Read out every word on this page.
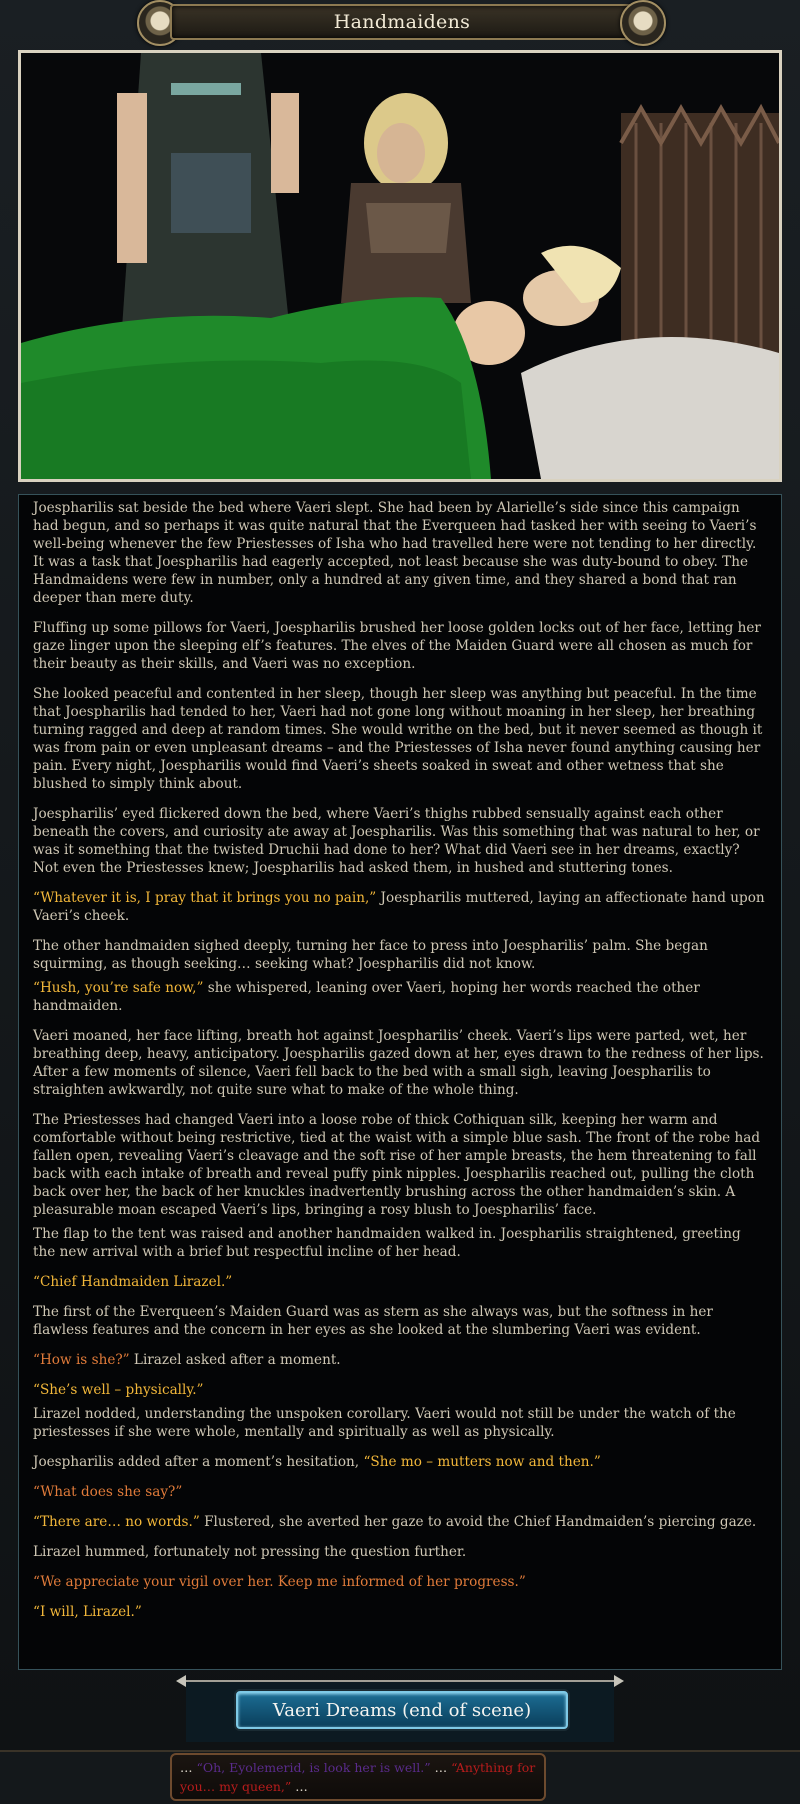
Handmaidens

Joespharilis sat beside the bed where Vaeri slept. She had been by Alarielle’s side since this campaign had begun, and so perhaps it was quite natural that the Everqueen had tasked her with seeing to Vaeri’s well-being whenever the few Priestesses of Isha who had travelled here were not tending to her directly. It was a task that Joespharilis had eagerly accepted, not least because she was duty-bound to obey. The Handmaidens were few in number, only a hundred at any given time, and they shared a bond that ran deeper than mere duty.

Fluffing up some pillows for Vaeri, Joespharilis brushed her loose golden locks out of her face, letting her gaze linger upon the sleeping elf’s features. The elves of the Maiden Guard were all chosen as much for their beauty as their skills, and Vaeri was no exception.

She looked peaceful and contented in her sleep, though her sleep was anything but peaceful. In the time that Joespharilis had tended to her, Vaeri had not gone long without moaning in her sleep, her breathing turning ragged and deep at random times. She would writhe on the bed, but it never seemed as though it was from pain or even unpleasant dreams – and the Priestesses of Isha never found anything causing her pain. Every night, Joespharilis would find Vaeri’s sheets soaked in sweat and other wetness that she blushed to simply think about.

Joespharilis’ eyed flickered down the bed, where Vaeri’s thighs rubbed sensually against each other beneath the covers, and curiosity ate away at Joespharilis. Was this something that was natural to her, or was it something that the twisted Druchii had done to her? What did Vaeri see in her dreams, exactly? Not even the Priestesses knew; Joespharilis had asked them, in hushed and stuttering tones.

“Whatever it is, I pray that it brings you no pain,” Joespharilis muttered, laying an affectionate hand upon Vaeri’s cheek.

The other handmaiden sighed deeply, turning her face to press into Joespharilis’ palm. She began squirming, as though seeking… seeking what? Joespharilis did not know.

“Hush, you’re safe now,” she whispered, leaning over Vaeri, hoping her words reached the other handmaiden.

Vaeri moaned, her face lifting, breath hot against Joespharilis’ cheek. Vaeri’s lips were parted, wet, her breathing deep, heavy, anticipatory. Joespharilis gazed down at her, eyes drawn to the redness of her lips. After a few moments of silence, Vaeri fell back to the bed with a small sigh, leaving Joespharilis to straighten awkwardly, not quite sure what to make of the whole thing.

The Priestesses had changed Vaeri into a loose robe of thick Cothiquan silk, keeping her warm and comfortable without being restrictive, tied at the waist with a simple blue sash. The front of the robe had fallen open, revealing Vaeri’s cleavage and the soft rise of her ample breasts, the hem threatening to fall back with each intake of breath and reveal puffy pink nipples. Joespharilis reached out, pulling the cloth back over her, the back of her knuckles inadvertently brushing across the other handmaiden’s skin. A pleasurable moan escaped Vaeri’s lips, bringing a rosy blush to Joespharilis’ face.

The flap to the tent was raised and another handmaiden walked in. Joespharilis straightened, greeting the new arrival with a brief but respectful incline of her head.

“Chief Handmaiden Lirazel.”

The first of the Everqueen’s Maiden Guard was as stern as she always was, but the softness in her flawless features and the concern in her eyes as she looked at the slumbering Vaeri was evident.

“How is she?” Lirazel asked after a moment.

“She’s well – physically.”

Lirazel nodded, understanding the unspoken corollary. Vaeri would not still be under the watch of the priestesses if she were whole, mentally and spiritually as well as physically.

Joespharilis added after a moment’s hesitation, “She mo – mutters now and then.”

“What does she say?”

“There are… no words.” Flustered, she averted her gaze to avoid the Chief Handmaiden’s piercing gaze.

Lirazel hummed, fortunately not pressing the question further.

“We appreciate your vigil over her. Keep me informed of her progress.”

“I will, Lirazel.”

Vaeri Dreams (end of scene)
… “Oh, Eyolemerid, is look her is well.” … “Anything for you… my queen,” …
